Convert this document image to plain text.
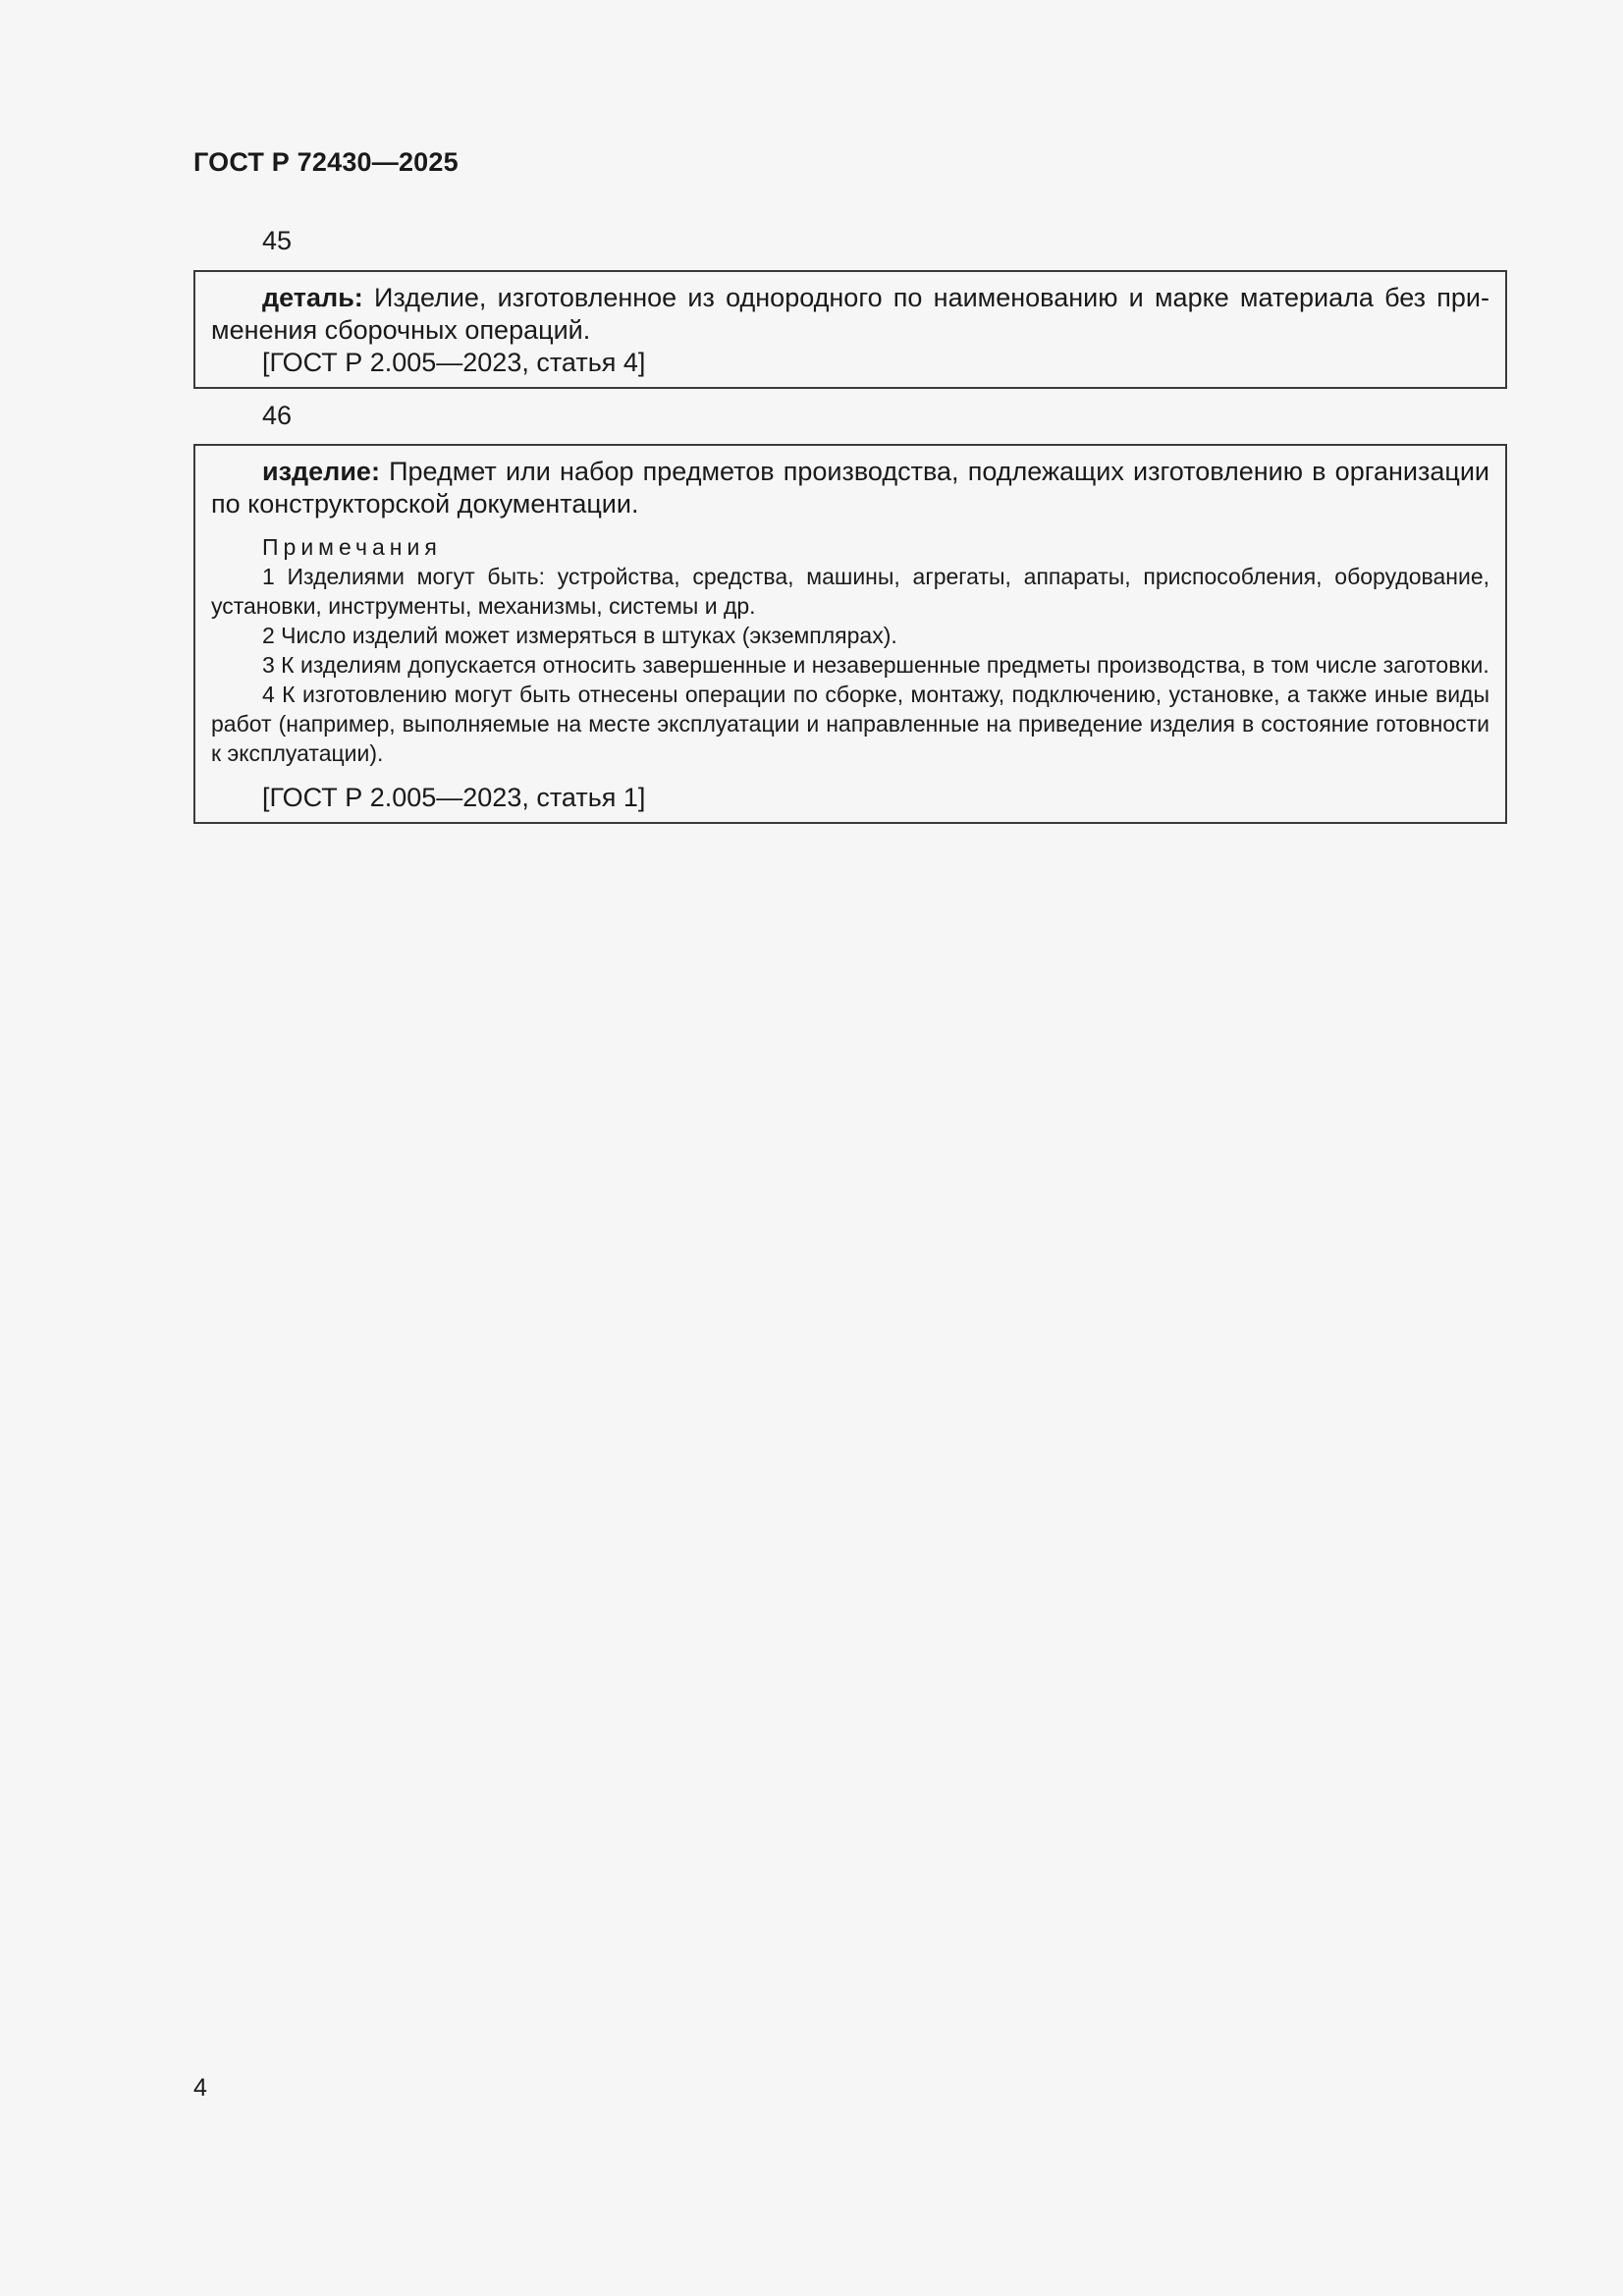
ГОСТ Р 72430—2025
45

деталь: Изделие, изготовленное из однородного по наименованию и марке материала без применения сборочных операций.

[ГОСТ Р 2.005—2023, статья 4]

46

изделие: Предмет или набор предметов производства, подлежащих изготовлению в организации по конструкторской документации.

Примечания

1 Изделиями могут быть: устройства, средства, машины, агрегаты, аппараты, приспособления, оборудование, установки, инструменты, механизмы, системы и др.

2 Число изделий может измеряться в штуках (экземплярах).

3 К изделиям допускается относить завершенные и незавершенные предметы производства, в том числе заготовки.

4 К изготовлению могут быть отнесены операции по сборке, монтажу, подключению, установке, а также иные виды работ (например, выполняемые на месте эксплуатации и направленные на приведение изделия в состояние готовности к эксплуатации).

[ГОСТ Р 2.005—2023, статья 1]

4
